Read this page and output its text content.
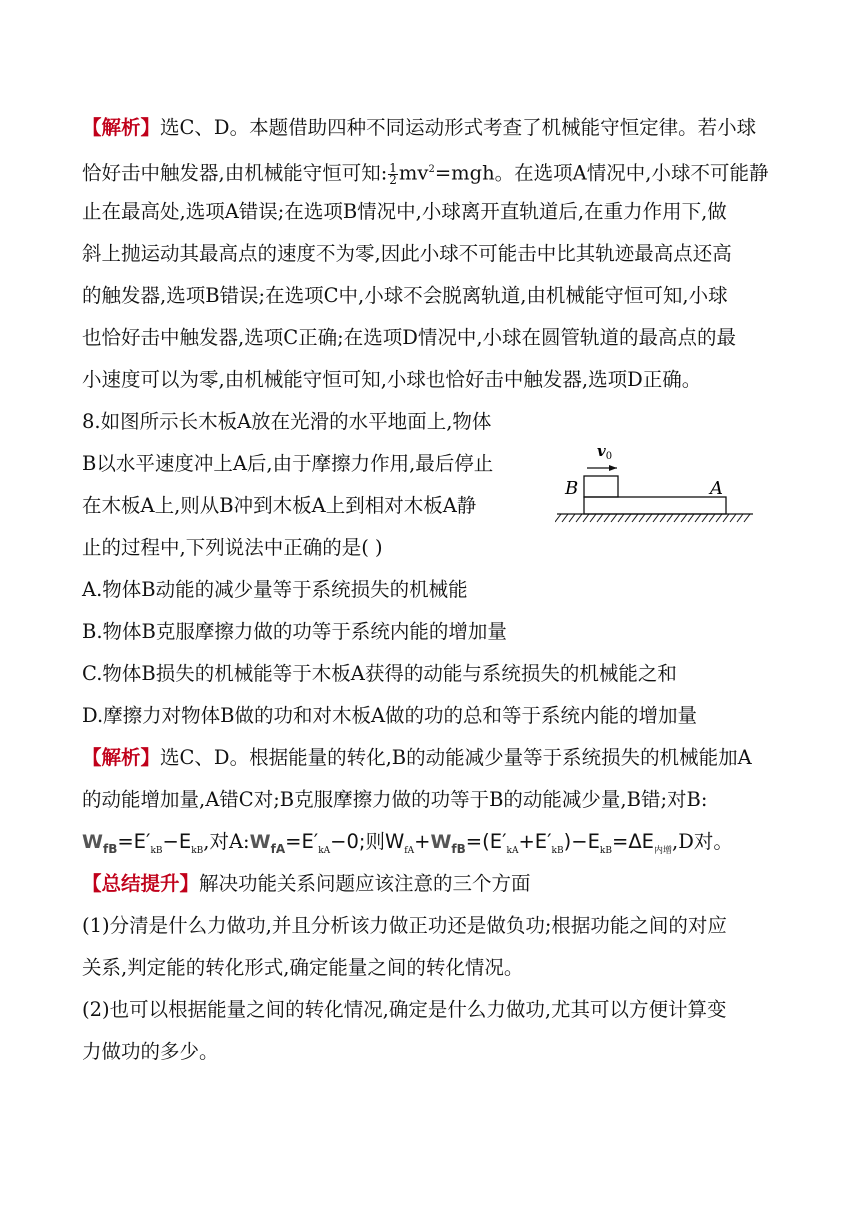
【解析】选C、D。本题借助四种不同运动形式考查了机械能守恒定律。若小球
恰好击中触发器,由机械能守恒可知: $\frac{1}{2} mv^2=mgh$。在选项A情况中,小球不可能静
止在最高处,选项A错误;在选项B情况中,小球离开直轨道后,在重力作用下,做
斜上抛运动其最高点的速度不为零,因此小球不可能击中比其轨迹最高点还高
的触发器,选项B错误;在选项C中,小球不会脱离轨道,由机械能守恒可知,小球
也恰好击中触发器,选项C正确;在选项D情况中,小球在圆管轨道的最高点的最
小速度可以为零,由机械能守恒可知,小球也恰好击中触发器,选项D正确。
8.如图所示长木板A放在光滑的水平地面上,物体
B以水平速度冲上A后,由于摩擦力作用,最后停止
在木板A上,则从B冲到木板A上到相对木板A静
止的过程中,下列说法中正确的是( )
$v_0$
B	A
A.物体B动能的减少量等于系统损失的机械能
B.物体B克服摩擦力做的功等于系统内能的增加量
C.物体B损失的机械能等于木板A获得的动能与系统损失的机械能之和
D.摩擦力对物体B做的功和对木板A做的功的总和等于系统内能的增加量
【解析】选C、D。根据能量的转化,B的动能减少量等于系统损失的机械能加A
的动能增加量,A错C对;B克服摩擦力做的功等于B的动能减少量,B错;对B:
$W_{fB}=E'_{kB}-E_{kB}$,对$A:W_{fA}=E'_{kA}-0$;则$W_{fA}+W_{fB}=(E'_{kA}+E'_{kB})-E_{kB}=\Delta E_{内增},D$对。
【总结提升】解决功能关系问题应该注意的三个方面
(1)分清是什么力做功,并且分析该力做正功还是做负功;根据功能之间的对应
关系,判定能的转化形式,确定能量之间的转化情况。
(2)也可以根据能量之间的转化情况,确定是什么力做功,尤其可以方便计算变
力做功的多少。
